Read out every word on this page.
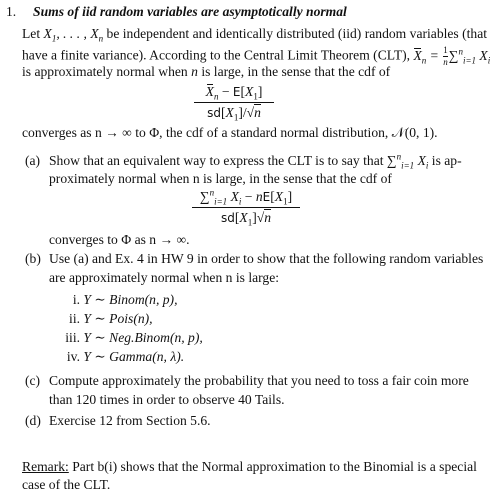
1. Sums of iid random variables are asymptotically normal
Let $X_1$, . . . , $X_n$ be independent and identically distributed (iid) random variables (that
have a finite variance). According to the Central Limit Theorem (CLT), $X_n = \frac{1}{n} \sum^n_{i=1}$ $X_i$
is approximately normal when n is large, in the sense that the cdf of
$X_n - E[X_1]$
$sd[X_1]/√n$
converges as n → ∞ to Φ, the cdf of a standard normal distribution, 𝒩(0, 1).
(a) Show that an equivalent way to express the CLT is to say that ∑$^n_{i=1}$ $X_i$ is ap-
proximately normal when n is large, in the sense that the cdf of
∑$^n_{i=1}$ $X_i - nE[X_1]$
$sd[X_1]√n$
converges to Φ as n → ∞.
(b) Use (a) and Ex. 4 in HW 9 in order to show that the following random variables
are approximately normal when n is large:
i. Y ∼ Binom(n, p),
ii. Y ∼ Pois(n),
iii. Y ∼ Neg.Binom(n, p),
iv. Y ∼ Gamma(n, λ).
(c) Compute approximately the probability that you need to toss a fair coin more
than 120 times in order to observe 40 Tails.
(d) Exercise 12 from Section 5.6.
Remark: Part b(i) shows that the Normal approximation to the Binomial is a special
case of the CLT.
